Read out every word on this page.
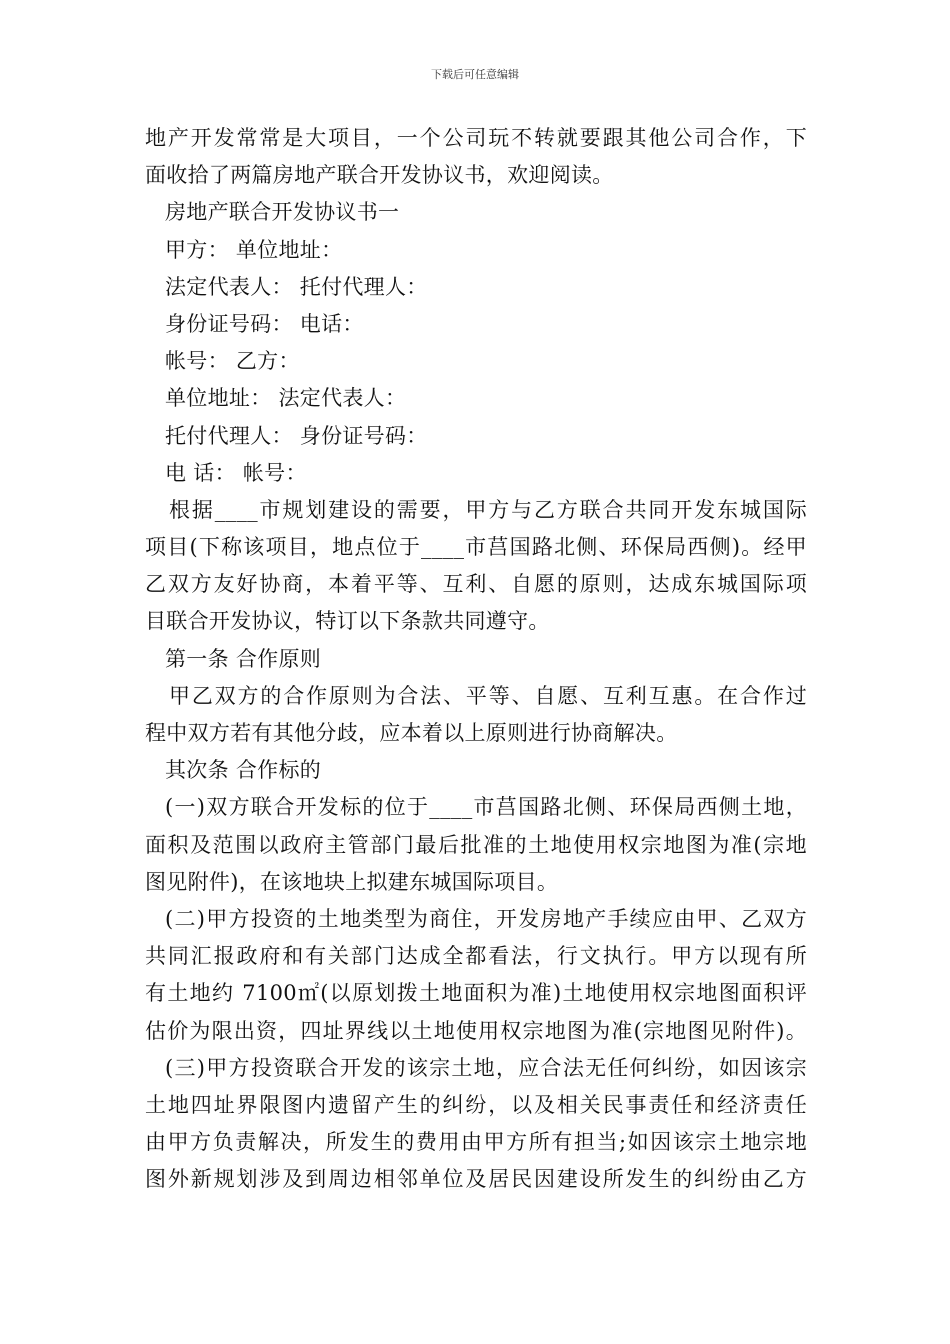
下载后可任意编辑
地产开发常常是大项目，一个公司玩不转就要跟其他公司合作，下
面收拾了两篇房地产联合开发协议书，欢迎阅读。
房地产联合开发协议书一
甲方： 单位地址：
法定代表人： 托付代理人：
身份证号码： 电话：
帐号： 乙方：
单位地址： 法定代表人：
托付代理人： 身份证号码：
电 话： 帐号：
根据____市规划建设的需要，甲方与乙方联合共同开发东城国际
项目(下称该项目，地点位于____市莒国路北侧、环保局西侧)。经甲
乙双方友好协商，本着平等、互利、自愿的原则，达成东城国际项
目联合开发协议，特订以下条款共同遵守。
第一条 合作原则
甲乙双方的合作原则为合法、平等、自愿、互利互惠。在合作过
程中双方若有其他分歧，应本着以上原则进行协商解决。
其次条 合作标的
(一)双方联合开发标的位于____市莒国路北侧、环保局西侧土地，
面积及范围以政府主管部门最后批准的土地使用权宗地图为准(宗地
图见附件)，在该地块上拟建东城国际项目。
(二)甲方投资的土地类型为商住，开发房地产手续应由甲、乙双方
共同汇报政府和有关部门达成全都看法，行文执行。甲方以现有所
有土地约 7100㎡(以原划拨土地面积为准)土地使用权宗地图面积评
估价为限出资，四址界线以土地使用权宗地图为准(宗地图见附件)。
(三)甲方投资联合开发的该宗土地，应合法无任何纠纷，如因该宗
土地四址界限图内遗留产生的纠纷，以及相关民事责任和经济责任
由甲方负责解决，所发生的费用由甲方所有担当;如因该宗土地宗地
图外新规划涉及到周边相邻单位及居民因建设所发生的纠纷由乙方
